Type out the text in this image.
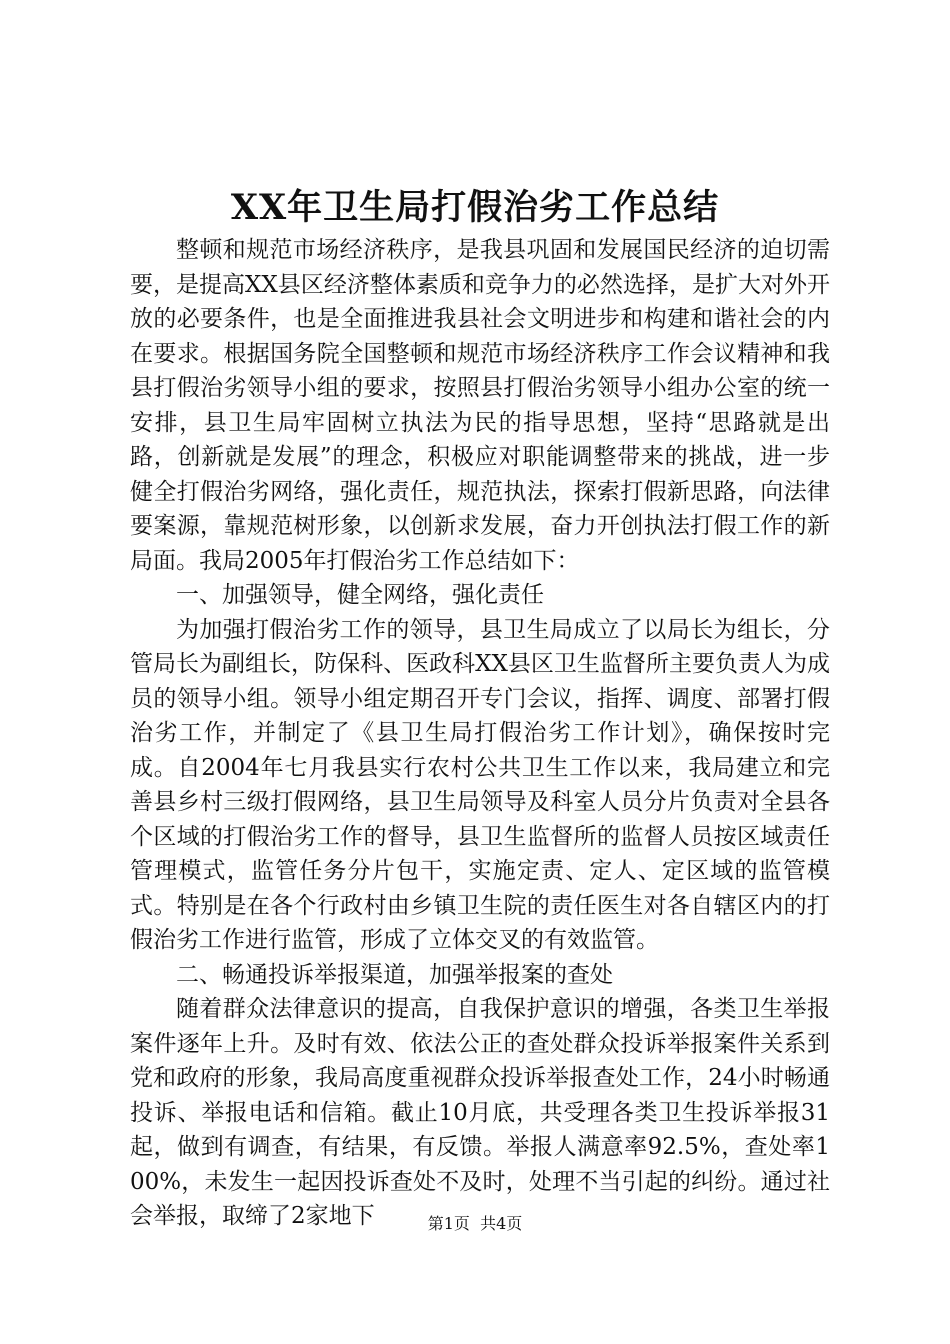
XX年卫生局打假治劣工作总结

整顿和规范市场经济秩序，是我县巩固和发展国民经济的迫切需要，是提高XX县区经济整体素质和竞争力的必然选择，是扩大对外开放的必要条件，也是全面推进我县社会文明进步和构建和谐社会的内在要求。根据国务院全国整顿和规范市场经济秩序工作会议精神和我县打假治劣领导小组的要求，按照县打假治劣领导小组办公室的统一安排，县卫生局牢固树立执法为民的指导思想，坚持“思路就是出路，创新就是发展”的理念，积极应对职能调整带来的挑战，进一步健全打假治劣网络，强化责任，规范执法，探索打假新思路，向法律要案源，靠规范树形象，以创新求发展，奋力开创执法打假工作的新局面。我局2005年打假治劣工作总结如下：

一、加强领导，健全网络，强化责任

为加强打假治劣工作的领导，县卫生局成立了以局长为组长，分管局长为副组长，防保科、医政科XX县区卫生监督所主要负责人为成员的领导小组。领导小组定期召开专门会议，指挥、调度、部署打假治劣工作，并制定了《县卫生局打假治劣工作计划》，确保按时完成。自2004年七月我县实行农村公共卫生工作以来，我局建立和完善县乡村三级打假网络，县卫生局领导及科室人员分片负责对全县各个区域的打假治劣工作的督导，县卫生监督所的监督人员按区域责任管理模式，监管任务分片包干，实施定责、定人、定区域的监管模式。特别是在各个行政村由乡镇卫生院的责任医生对各自辖区内的打假治劣工作进行监管，形成了立体交叉的有效监管。

二、畅通投诉举报渠道，加强举报案的查处

随着群众法律意识的提高，自我保护意识的增强，各类卫生举报案件逐年上升。及时有效、依法公正的查处群众投诉举报案件关系到党和政府的形象，我局高度重视群众投诉举报查处工作，24小时畅通投诉、举报电话和信箱。截止10月底，共受理各类卫生投诉举报31起，做到有调查，有结果，有反馈。举报人满意率92.5%，查处率100%，未发生一起因投诉查处不及时，处理不当引起的纠纷。通过社会举报，取缔了2家地下	第1页  共4页
